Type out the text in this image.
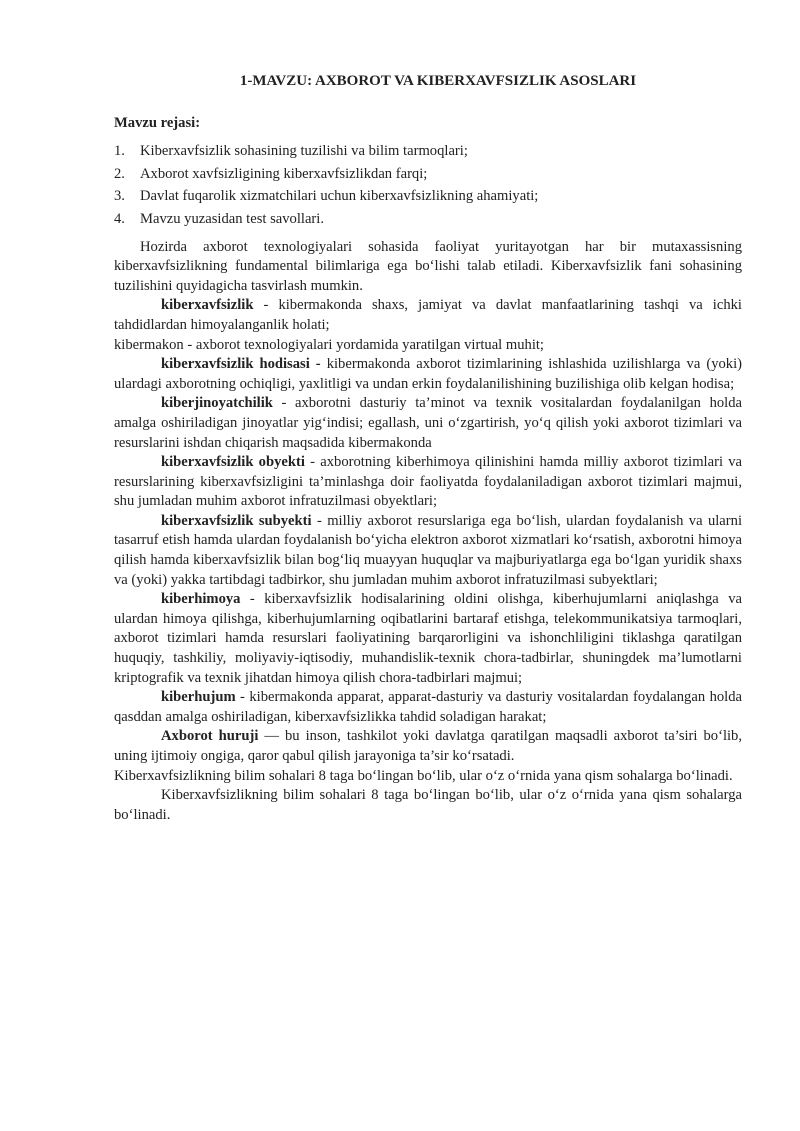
1-MAVZU: AXBOROT VA KIBERXAVFSIZLIK ASOSLARI
Mavzu rejasi:
1.	Kiberxavfsizlik sohasining tuzilishi va bilim tarmoqlari;
2.	Axborot xavfsizligining kiberxavfsizlikdan farqi;
3.	Davlat fuqarolik xizmatchilari uchun kiberxavfsizlikning ahamiyati;
4.	Mavzu yuzasidan test savollari.

Hozirda axborot texnologiyalari sohasida faoliyat yuritayotgan har bir mutaxassisning kiberxavfsizlikning fundamental bilimlariga ega bo‘lishi talab etiladi. Kiberxavfsizlik fani sohasining tuzilishini quyidagicha tasvirlash mumkin.

kiberxavfsizlik - kibermakonda shaxs, jamiyat va davlat manfaatlarining tashqi va ichki tahdidlardan himoyalanganlik holati;

kibermakon - axborot texnologiyalari yordamida yaratilgan virtual muhit;

kiberxavfsizlik hodisasi - kibermakonda axborot tizimlarining ishlashida uzilishlarga va (yoki) ulardagi axborotning ochiqligi, yaxlitligi va undan erkin foydalanilishining buzilishiga olib kelgan hodisa;

kiberjinoyatchilik - axborotni dasturiy ta’minot va texnik vositalardan foydalanilgan holda amalga oshiriladigan jinoyatlar yig‘indisi; egallash, uni o‘zgartirish, yo‘q qilish yoki axborot tizimlari va resurslarini ishdan chiqarish maqsadida kibermakonda

kiberxavfsizlik obyekti - axborotning kiberhimoya qilinishini hamda milliy axborot tizimlari va resurslarining kiberxavfsizligini ta’minlashga doir faoliyatda foydalaniladigan axborot tizimlari majmui, shu jumladan muhim axborot infratuzilmasi obyektlari;

kiberxavfsizlik subyekti - milliy axborot resurslariga ega bo‘lish, ulardan foydalanish va ularni tasarruf etish hamda ulardan foydalanish bo‘yicha elektron axborot xizmatlari ko‘rsatish, axborotni himoya qilish hamda kiberxavfsizlik bilan bog‘liq muayyan huquqlar va majburiyatlarga ega bo‘lgan yuridik shaxs va (yoki) yakka tartibdagi tadbirkor, shu jumladan muhim axborot infratuzilmasi subyektlari;

kiberhimoya - kiberxavfsizlik hodisalarining oldini olishga, kiberhujumlarni aniqlashga va ulardan himoya qilishga, kiberhujumlarning oqibatlarini bartaraf etishga, telekommunikatsiya tarmoqlari, axborot tizimlari hamda resurslari faoliyatining barqarorligini va ishonchliligini tiklashga qaratilgan huquqiy, tashkiliy, moliyaviy-iqtisodiy, muhandislik-texnik chora-tadbirlar, shuningdek ma’lumotlarni kriptografik va texnik jihatdan himoya qilish chora-tadbirlari majmui;

kiberhujum - kibermakonda apparat, apparat-dasturiy va dasturiy vositalardan foydalangan holda qasddan amalga oshiriladigan, kiberxavfsizlikka tahdid soladigan harakat;

Axborot huruji — bu inson, tashkilot yoki davlatga qaratilgan maqsadli axborot ta’siri bo‘lib, uning ijtimoiy ongiga, qaror qabul qilish jarayoniga ta’sir ko‘rsatadi.

Kiberxavfsizlikning bilim sohalari 8 taga bo‘lingan bo‘lib, ular o‘z o‘rnida yana qism sohalarga bo‘linadi.

Kiberxavfsizlikning bilim sohalari 8 taga bo‘lingan bo‘lib, ular o‘z o‘rnida yana qism sohalarga bo‘linadi.
